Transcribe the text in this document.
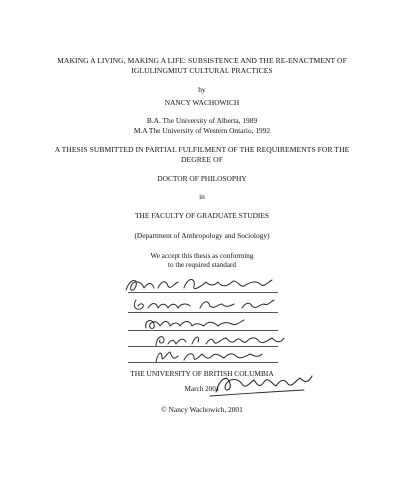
MAKING A LIVING, MAKING A LIFE: SUBSISTENCE AND THE RE-ENACTMENT OF
IGLULINGMIUT CULTURAL PRACTICES
by
NANCY WACHOWICH
B.A. The University of Alberta, 1989
M.A The University of Western Ontario, 1992
A THESIS SUBMITTED IN PARTIAL FULFILMENT OF THE REQUIREMENTS FOR THE
DEGREE OF
DOCTOR OF PHILOSOPHY
in
THE FACULTY OF GRADUATE STUDIES
(Department of Anthropology and Sociology)
We accept this thesis as conforming
to the required standard
THE UNIVERSITY OF BRITISH COLUMBIA
March 2001
© Nancy Wachowich, 2001
